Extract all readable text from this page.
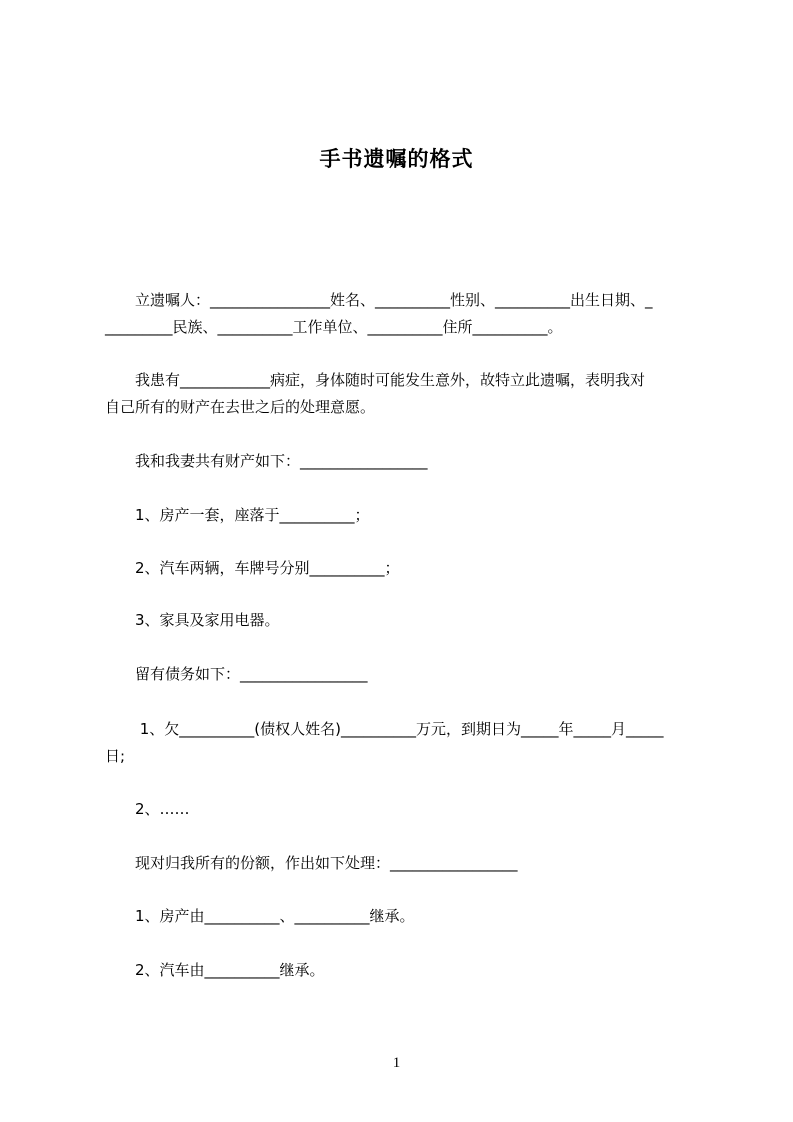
手书遗嘱的格式

　　立遗嘱人：________________姓名、__________性别、__________出生日期、_

_________民族、__________工作单位、__________住所__________。

　　我患有____________病症，身体随时可能发生意外，故特立此遗嘱，表明我对

自己所有的财产在去世之后的处理意愿。

　　我和我妻共有财产如下：_________________
　　1、房产一套，座落于__________；
　　2、汽车两辆，车牌号分别__________；
　　3、家具及家用电器。
　　留有债务如下：_________________

　　 1、欠__________(债权人姓名)__________万元，到期日为_____年_____月_____

日;

　　2、……
　　现对归我所有的份额，作出如下处理：_________________
　　1、房产由__________、__________继承。
　　2、汽车由__________继承。
1
